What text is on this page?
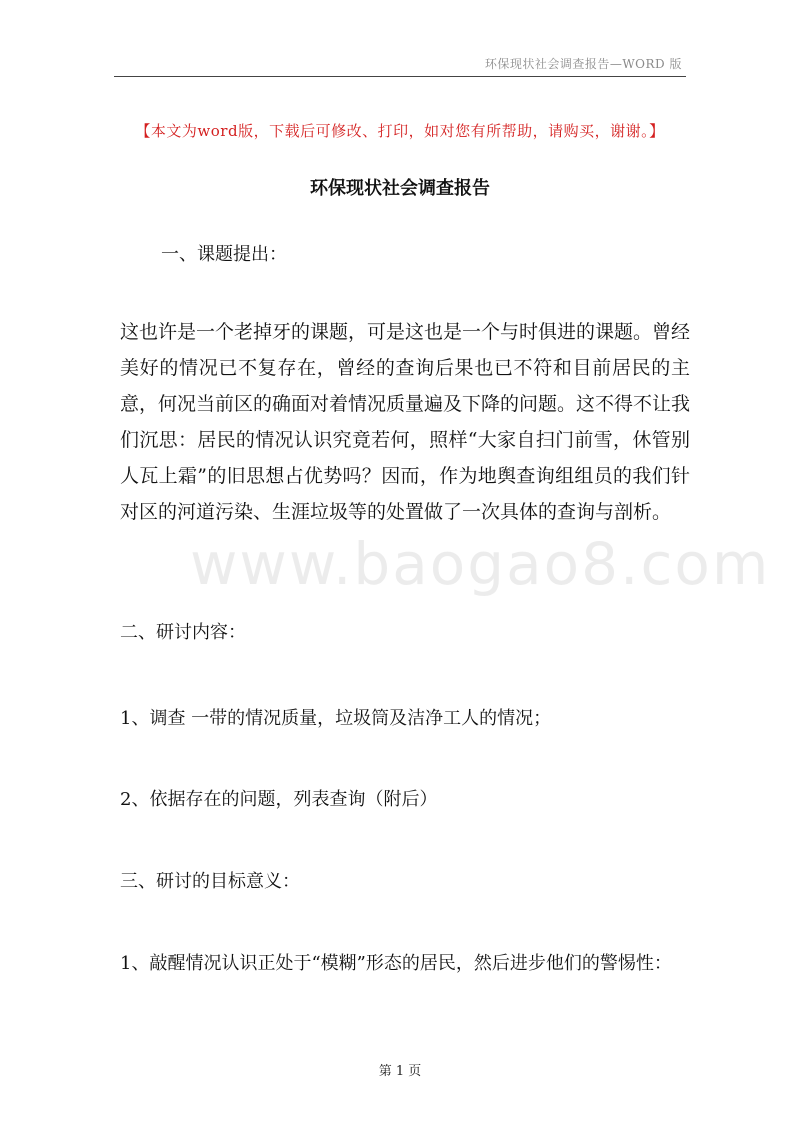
环保现状社会调查报告—WORD 版
【本文为word版，下载后可修改、打印，如对您有所帮助，请购买，谢谢。】
环保现状社会调查报告
一、课题提出：

这也许是一个老掉牙的课题，可是这也是一个与时俱进的课题。曾经美好的情况已不复存在，曾经的查询后果也已不符和目前居民的主意，何况当前区的确面对着情况质量遍及下降的问题。这不得不让我们沉思：居民的情况认识究竟若何，照样“大家自扫门前雪，休管别人瓦上霜”的旧思想占优势吗？因而，作为地舆查询组组员的我们针对区的河道污染、生涯垃圾等的处置做了一次具体的查询与剖析。

www.baogao8.com
二、研讨内容：
1、调查 一带的情况质量，垃圾筒及洁净工人的情况；
2、依据存在的问题，列表查询（附后）
三、研讨的目标意义：
1、敲醒情况认识正处于“模糊”形态的居民，然后进步他们的警惕性：
第 1 页
